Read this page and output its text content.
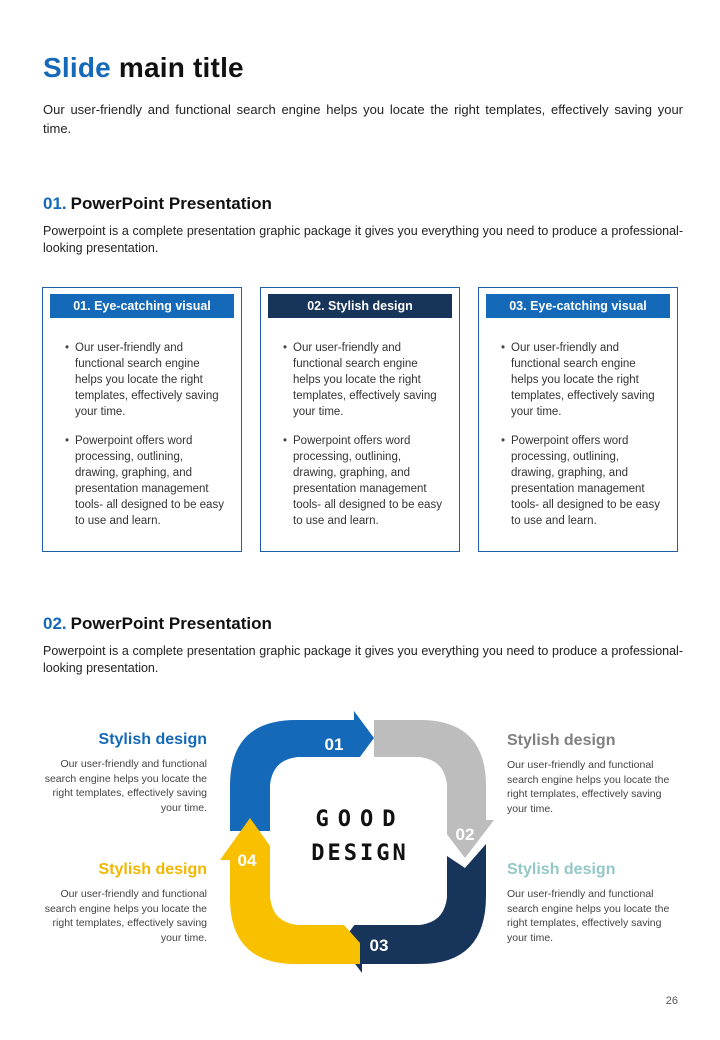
Slide main title
Our user-friendly and functional search engine helps you locate the right templates, effectively saving your time.
01. PowerPoint Presentation
Powerpoint is a complete presentation graphic package it gives you everything you need to produce a professional-looking presentation.
01. Eye-catching visual
• Our user-friendly and functional search engine helps you locate the right templates, effectively saving your time.
• Powerpoint offers word processing, outlining, drawing, graphing, and presentation management tools- all designed to be easy to use and learn.
02. Stylish design
• Our user-friendly and functional search engine helps you locate the right templates, effectively saving your time.
• Powerpoint offers word processing, outlining, drawing, graphing, and presentation management tools- all designed to be easy to use and learn.
03. Eye-catching visual
• Our user-friendly and functional search engine helps you locate the right templates, effectively saving your time.
• Powerpoint offers word processing, outlining, drawing, graphing, and presentation management tools- all designed to be easy to use and learn.
02. PowerPoint Presentation
Powerpoint is a complete presentation graphic package it gives you everything you need to produce a professional-looking presentation.
01
02
03
04
GOOD
DESIGN
Stylish design
Our user-friendly and functional search engine helps you locate the right templates, effectively saving your time.
Stylish design
Our user-friendly and functional search engine helps you locate the right templates, effectively saving your time.
Stylish design
Our user-friendly and functional search engine helps you locate the right templates, effectively saving your time.
Stylish design
Our user-friendly and functional search engine helps you locate the right templates, effectively saving your time.
26
